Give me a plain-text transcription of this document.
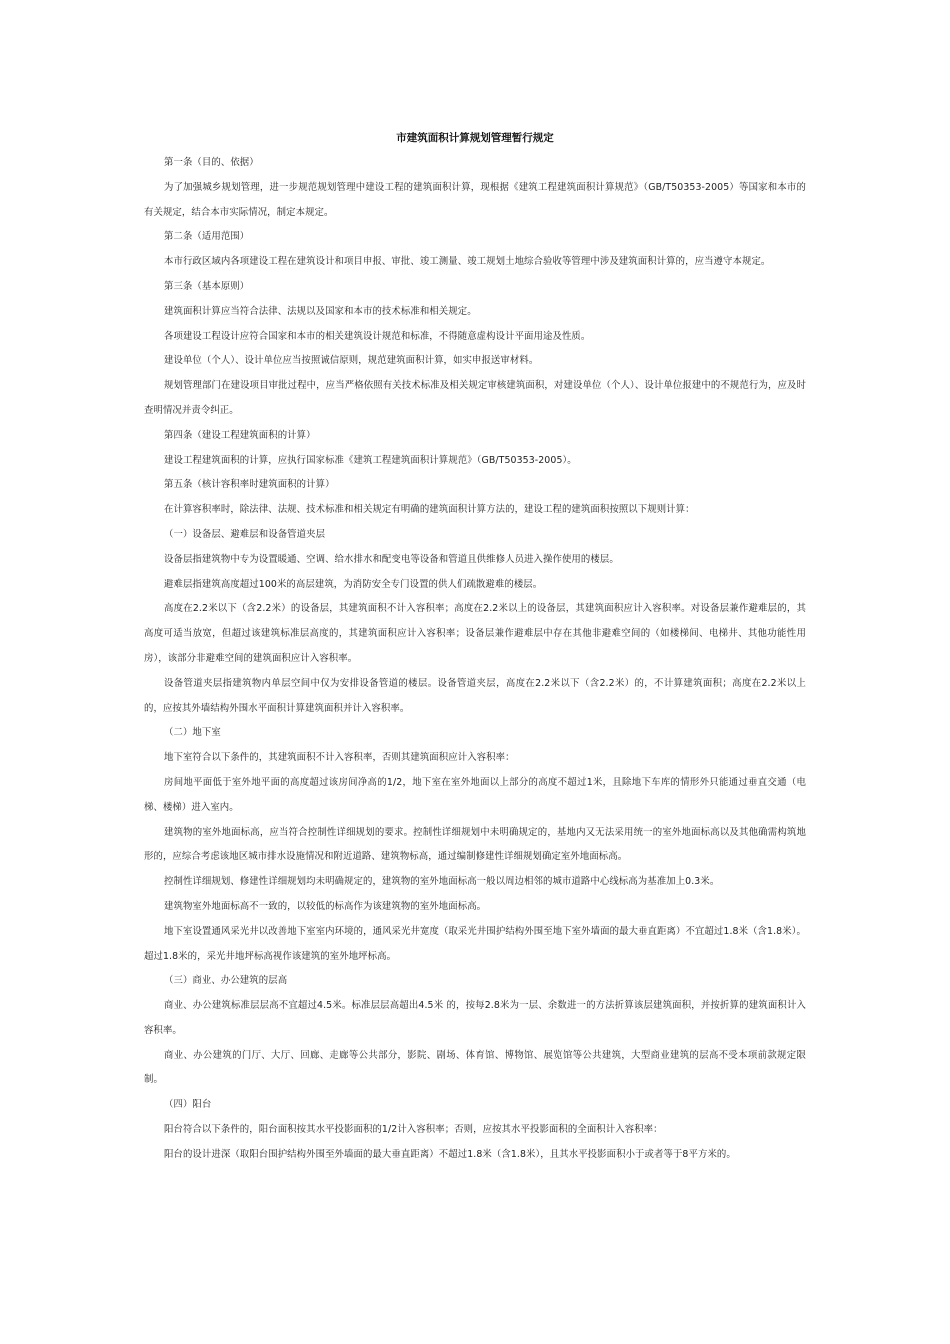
市建筑面积计算规划管理暂行规定

第一条（目的、依据）

为了加强城乡规划管理，进一步规范规划管理中建设工程的建筑面积计算，现根据《建筑工程建筑面积计算规范》（GB/T50353-2005）等国家和本市的有关规定，结合本市实际情况，制定本规定。

第二条（适用范围）

本市行政区域内各项建设工程在建筑设计和项目申报、审批、竣工测量、竣工规划土地综合验收等管理中涉及建筑面积计算的，应当遵守本规定。

第三条（基本原则）

建筑面积计算应当符合法律、法规以及国家和本市的技术标准和相关规定。

各项建设工程设计应符合国家和本市的相关建筑设计规范和标准，不得随意虚构设计平面用途及性质。

建设单位（个人）、设计单位应当按照诚信原则，规范建筑面积计算，如实申报送审材料。

规划管理部门在建设项目审批过程中，应当严格依照有关技术标准及相关规定审核建筑面积，对建设单位（个人）、设计单位报建中的不规范行为，应及时查明情况并责令纠正。

第四条（建设工程建筑面积的计算）

建设工程建筑面积的计算，应执行国家标准《建筑工程建筑面积计算规范》（GB/T50353-2005）。

第五条（核计容积率时建筑面积的计算）

在计算容积率时，除法律、法规、技术标准和相关规定有明确的建筑面积计算方法的，建设工程的建筑面积按照以下规则计算：

（一）设备层、避难层和设备管道夹层

设备层指建筑物中专为设置暖通、空调、给水排水和配变电等设备和管道且供维修人员进入操作使用的楼层。

避难层指建筑高度超过100米的高层建筑，为消防安全专门设置的供人们疏散避难的楼层。

高度在2.2米以下（含2.2米）的设备层，其建筑面积不计入容积率；高度在2.2米以上的设备层，其建筑面积应计入容积率。对设备层兼作避难层的，其高度可适当放宽，但超过该建筑标准层高度的，其建筑面积应计入容积率；设备层兼作避难层中存在其他非避难空间的（如楼梯间、电梯井、其他功能性用房），该部分非避难空间的建筑面积应计入容积率。

设备管道夹层指建筑物内单层空间中仅为安排设备管道的楼层。设备管道夹层，高度在2.2米以下（含2.2米）的，不计算建筑面积；高度在2.2米以上的，应按其外墙结构外围水平面积计算建筑面积并计入容积率。

（二）地下室

地下室符合以下条件的，其建筑面积不计入容积率，否则其建筑面积应计入容积率：

房间地平面低于室外地平面的高度超过该房间净高的1/2，地下室在室外地面以上部分的高度不超过1米，且除地下车库的情形外只能通过垂直交通（电梯、楼梯）进入室内。

建筑物的室外地面标高，应当符合控制性详细规划的要求。控制性详细规划中未明确规定的，基地内又无法采用统一的室外地面标高以及其他确需构筑地形的，应综合考虑该地区城市排水设施情况和附近道路、建筑物标高，通过编制修建性详细规划确定室外地面标高。

控制性详细规划、修建性详细规划均未明确规定的，建筑物的室外地面标高一般以周边相邻的城市道路中心线标高为基准加上0.3米。

建筑物室外地面标高不一致的，以较低的标高作为该建筑物的室外地面标高。

地下室设置通风采光井以改善地下室室内环境的，通风采光井宽度（取采光井围护结构外围至地下室外墙面的最大垂直距离）不宜超过1.8米（含1.8米）。超过1.8米的，采光井地坪标高视作该建筑的室外地坪标高。

（三）商业、办公建筑的层高

商业、办公建筑标准层层高不宜超过4.5米。标准层层高超出4.5米 的，按每2.8米为一层、余数进一的方法折算该层建筑面积，并按折算的建筑面积计入容积率。

商业、办公建筑的门厅、大厅、回廊、走廊等公共部分，影院、剧场、体育馆、博物馆、展览馆等公共建筑，大型商业建筑的层高不受本项前款规定限制。

（四）阳台

阳台符合以下条件的，阳台面积按其水平投影面积的1/2计入容积率；否则，应按其水平投影面积的全面积计入容积率：

阳台的设计进深（取阳台围护结构外围至外墙面的最大垂直距离）不超过1.8米（含1.8米），且其水平投影面积小于或者等于8平方米的。
